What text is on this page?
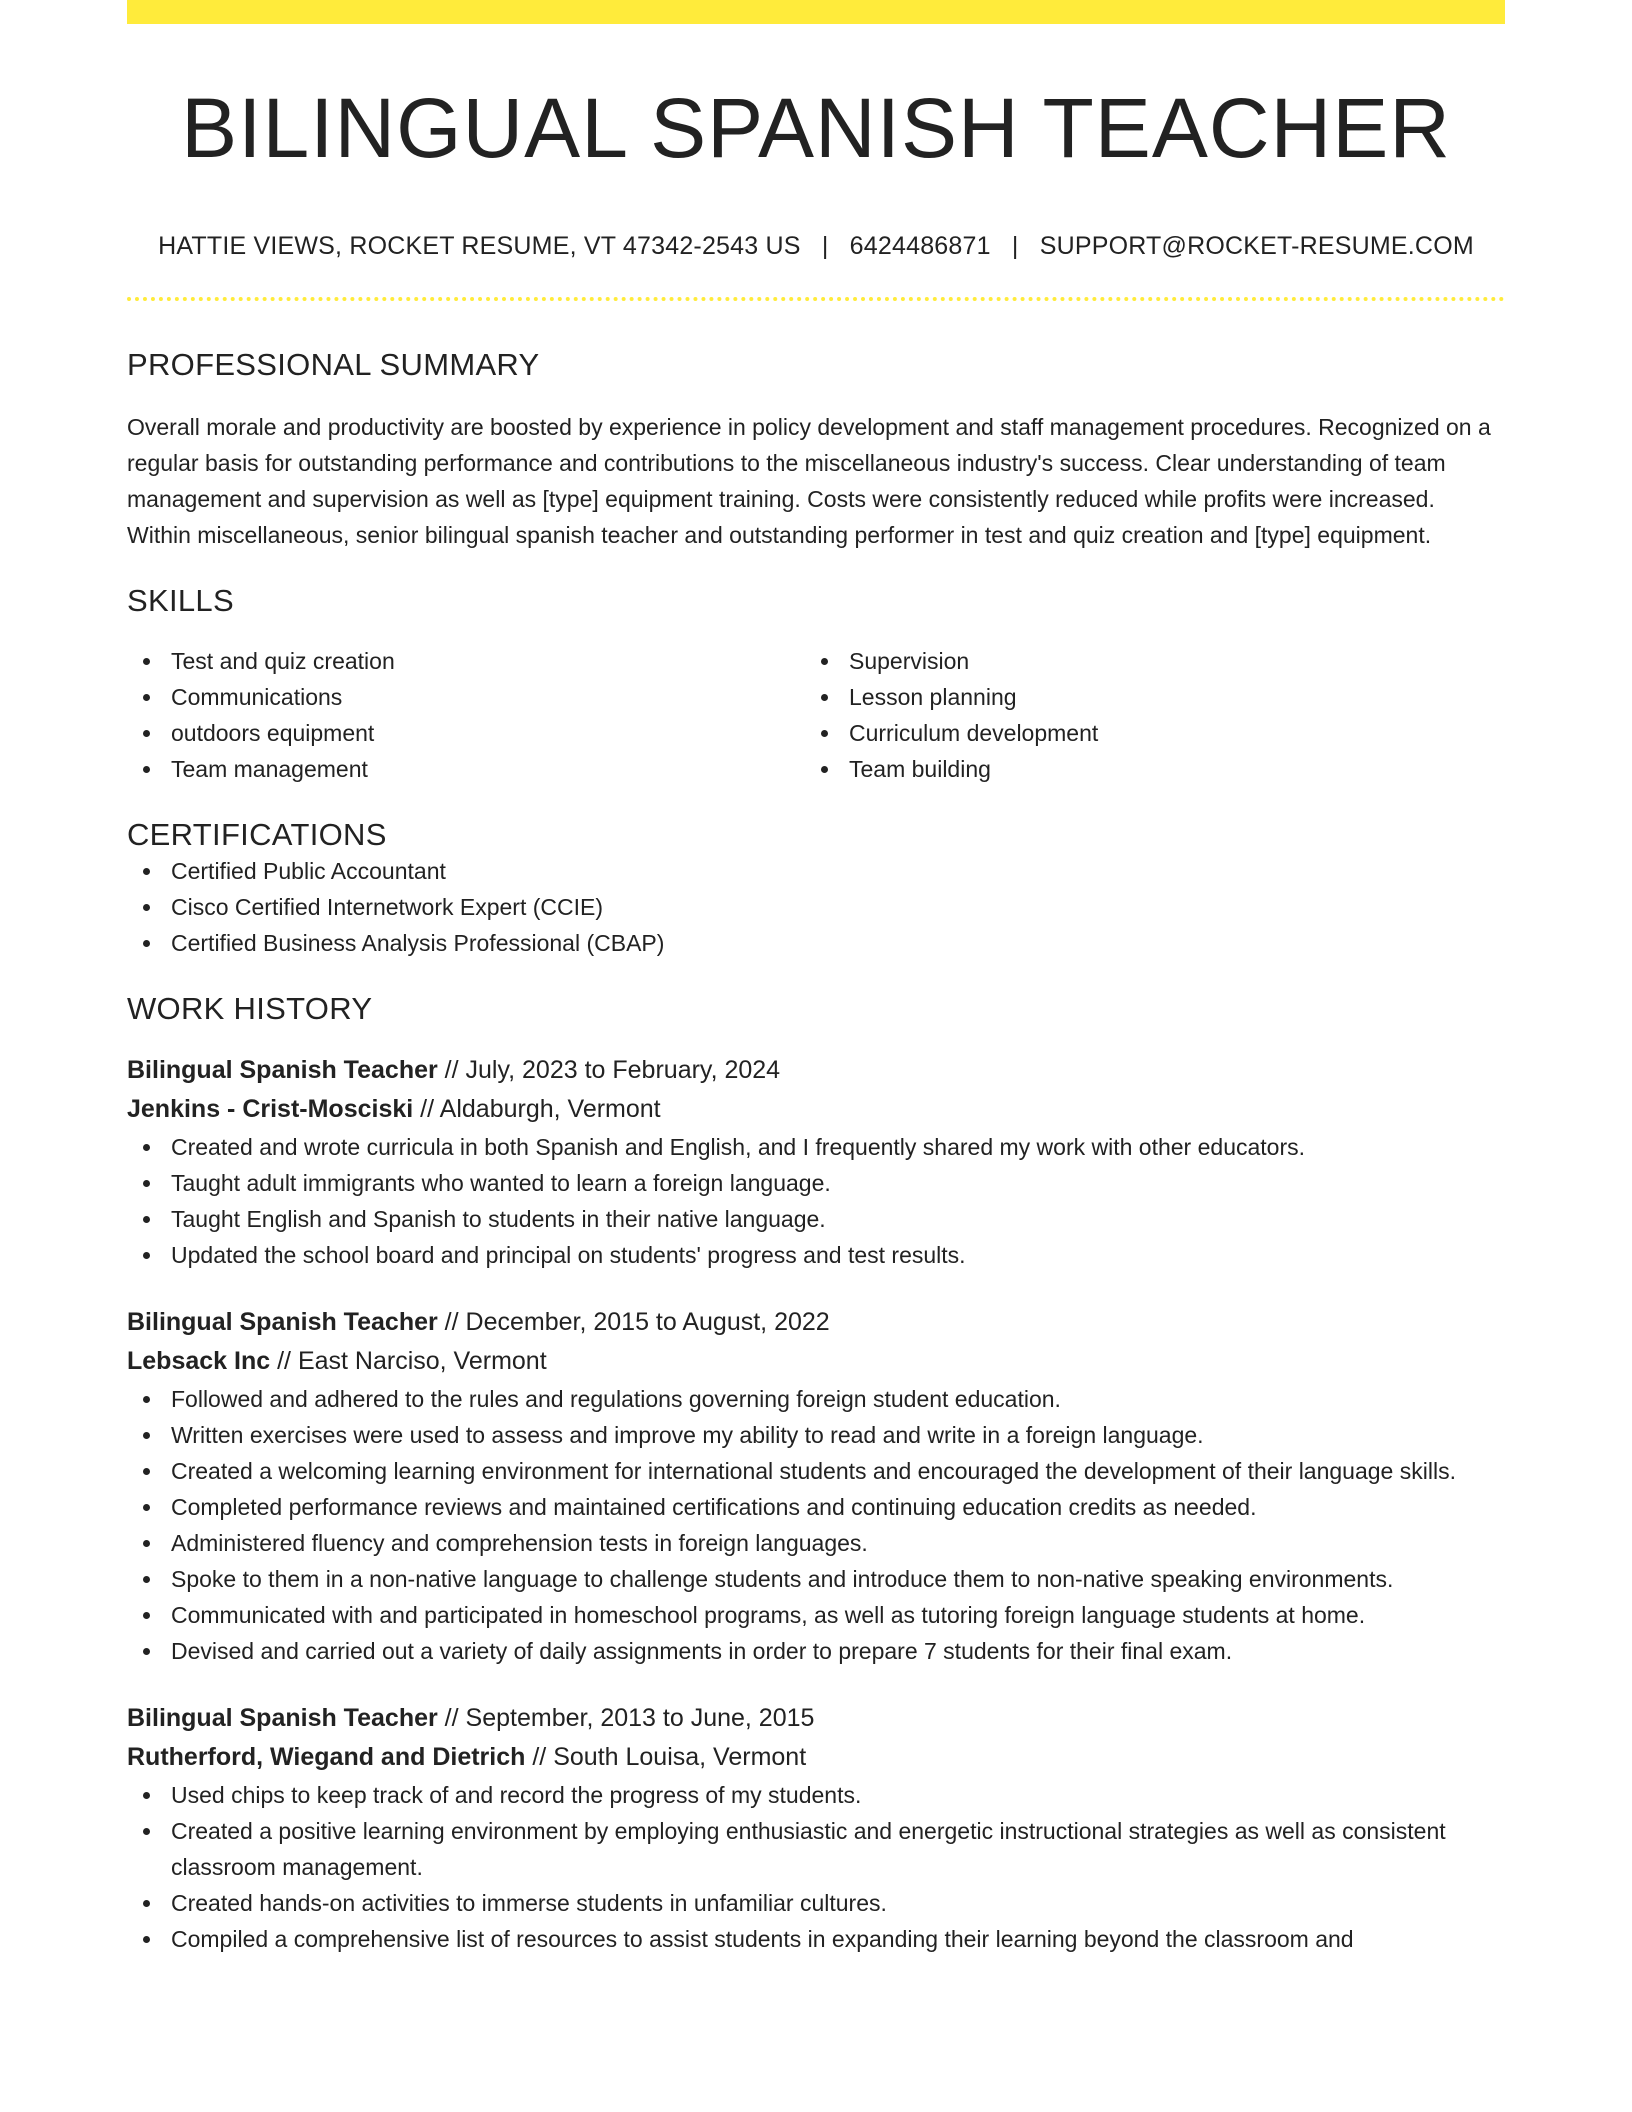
BILINGUAL SPANISH TEACHER
HATTIE VIEWS, ROCKET RESUME, VT 47342-2543 US | 6424486871 | SUPPORT@ROCKET-RESUME.COM
PROFESSIONAL SUMMARY
Overall morale and productivity are boosted by experience in policy development and staff management procedures. Recognized on a regular basis for outstanding performance and contributions to the miscellaneous industry's success. Clear understanding of team management and supervision as well as [type] equipment training. Costs were consistently reduced while profits were increased. Within miscellaneous, senior bilingual spanish teacher and outstanding performer in test and quiz creation and [type] equipment.
SKILLS
Test and quiz creation
Communications
outdoors equipment
Team management
Supervision
Lesson planning
Curriculum development
Team building
CERTIFICATIONS
Certified Public Accountant
Cisco Certified Internetwork Expert (CCIE)
Certified Business Analysis Professional (CBAP)
WORK HISTORY
Bilingual Spanish Teacher // July, 2023 to February, 2024
Jenkins - Crist-Mosciski // Aldaburgh, Vermont
Created and wrote curricula in both Spanish and English, and I frequently shared my work with other educators.
Taught adult immigrants who wanted to learn a foreign language.
Taught English and Spanish to students in their native language.
Updated the school board and principal on students' progress and test results.
Bilingual Spanish Teacher // December, 2015 to August, 2022
Lebsack Inc // East Narciso, Vermont
Followed and adhered to the rules and regulations governing foreign student education.
Written exercises were used to assess and improve my ability to read and write in a foreign language.
Created a welcoming learning environment for international students and encouraged the development of their language skills.
Completed performance reviews and maintained certifications and continuing education credits as needed.
Administered fluency and comprehension tests in foreign languages.
Spoke to them in a non-native language to challenge students and introduce them to non-native speaking environments.
Communicated with and participated in homeschool programs, as well as tutoring foreign language students at home.
Devised and carried out a variety of daily assignments in order to prepare 7 students for their final exam.
Bilingual Spanish Teacher // September, 2013 to June, 2015
Rutherford, Wiegand and Dietrich // South Louisa, Vermont
Used chips to keep track of and record the progress of my students.
Created a positive learning environment by employing enthusiastic and energetic instructional strategies as well as consistent classroom management.
Created hands-on activities to immerse students in unfamiliar cultures.
Compiled a comprehensive list of resources to assist students in expanding their learning beyond the classroom and
